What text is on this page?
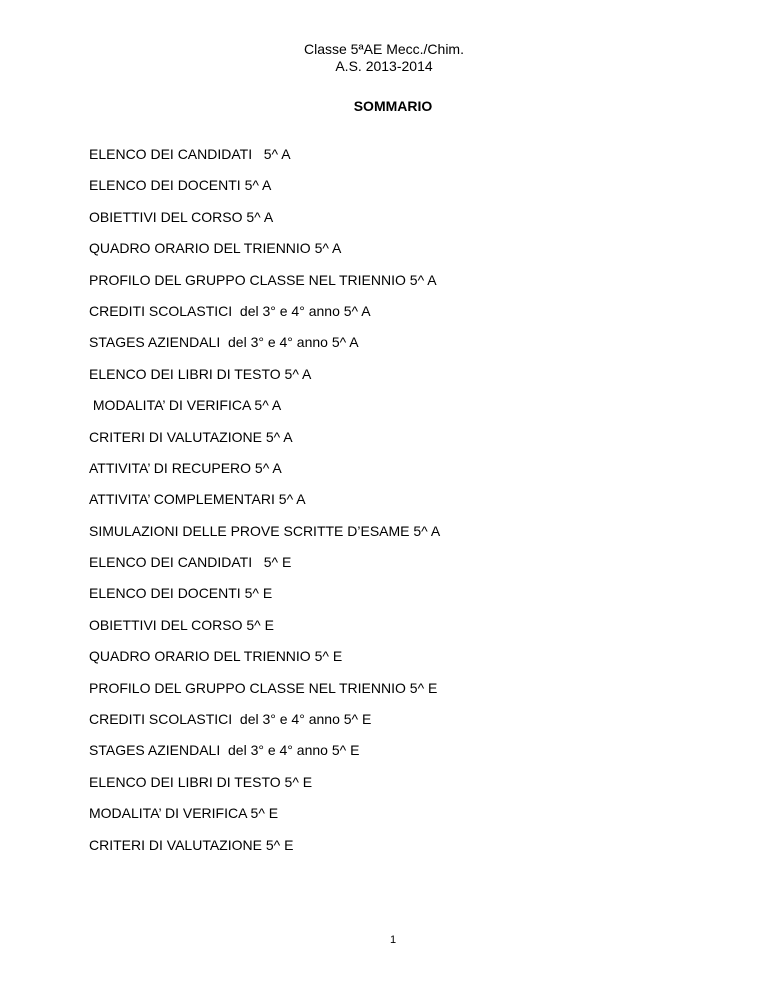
Classe 5ªAE Mecc./Chim.
A.S. 2013-2014
SOMMARIO
ELENCO DEI CANDIDATI   5^ A
ELENCO DEI DOCENTI 5^ A
OBIETTIVI DEL CORSO 5^ A
QUADRO ORARIO DEL TRIENNIO 5^ A
PROFILO DEL GRUPPO CLASSE NEL TRIENNIO 5^ A
CREDITI SCOLASTICI  del 3° e 4° anno 5^ A
STAGES AZIENDALI  del 3° e 4° anno 5^ A
ELENCO DEI LIBRI DI TESTO 5^ A
MODALITA’ DI VERIFICA 5^ A
CRITERI DI VALUTAZIONE 5^ A
ATTIVITA’ DI RECUPERO 5^ A
ATTIVITA’ COMPLEMENTARI 5^ A
SIMULAZIONI DELLE PROVE SCRITTE D’ESAME 5^ A
ELENCO DEI CANDIDATI   5^ E
ELENCO DEI DOCENTI 5^ E
OBIETTIVI DEL CORSO 5^ E
QUADRO ORARIO DEL TRIENNIO 5^ E
PROFILO DEL GRUPPO CLASSE NEL TRIENNIO 5^ E
CREDITI SCOLASTICI  del 3° e 4° anno 5^ E
STAGES AZIENDALI  del 3° e 4° anno 5^ E
ELENCO DEI LIBRI DI TESTO 5^ E
MODALITA’ DI VERIFICA 5^ E
CRITERI DI VALUTAZIONE 5^ E
1
